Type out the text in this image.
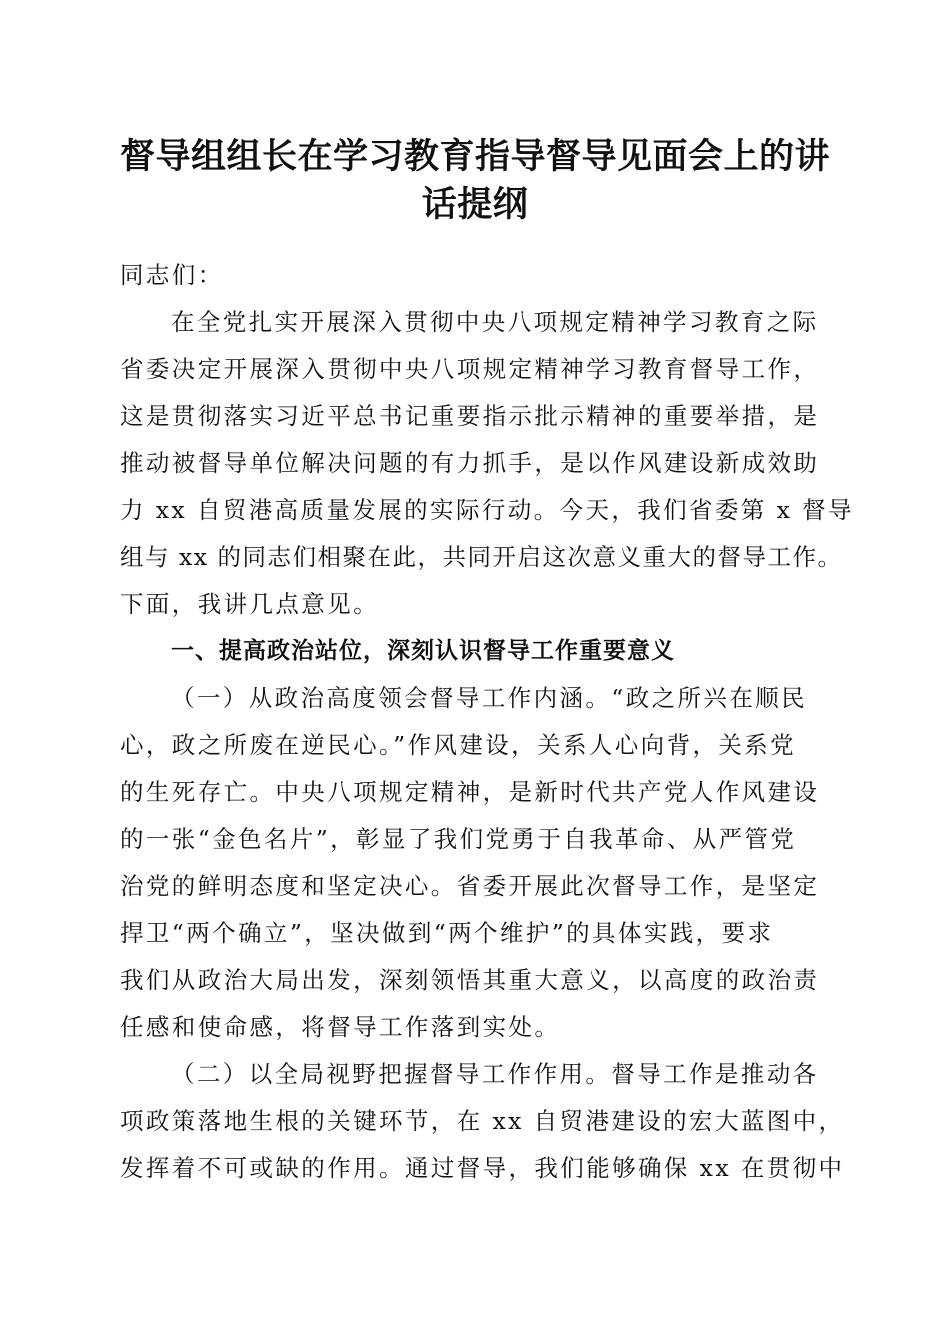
督导组组长在学习教育指导督导见面会上的讲
话提纲
同志们：
在全党扎实开展深入贯彻中央八项规定精神学习教育之际
省委决定开展深入贯彻中央八项规定精神学习教育督导工作，
这是贯彻落实习近平总书记重要指示批示精神的重要举措，是
推动被督导单位解决问题的有力抓手，是以作风建设新成效助
力 xx 自贸港高质量发展的实际行动。今天，我们省委第 x 督导
组与 xx 的同志们相聚在此，共同开启这次意义重大的督导工作。
下面，我讲几点意见。
一、提高政治站位，深刻认识督导工作重要意义
（一）从政治高度领会督导工作内涵。“政之所兴在顺民
心，政之所废在逆民心。”作风建设，关系人心向背，关系党
的生死存亡。中央八项规定精神，是新时代共产党人作风建设
的一张“金色名片”，彰显了我们党勇于自我革命、从严管党
治党的鲜明态度和坚定决心。省委开展此次督导工作，是坚定
捍卫“两个确立”，坚决做到“两个维护”的具体实践，要求
我们从政治大局出发，深刻领悟其重大意义，以高度的政治责
任感和使命感，将督导工作落到实处。
（二）以全局视野把握督导工作作用。督导工作是推动各
项政策落地生根的关键环节，在 xx 自贸港建设的宏大蓝图中，
发挥着不可或缺的作用。通过督导，我们能够确保 xx 在贯彻中
